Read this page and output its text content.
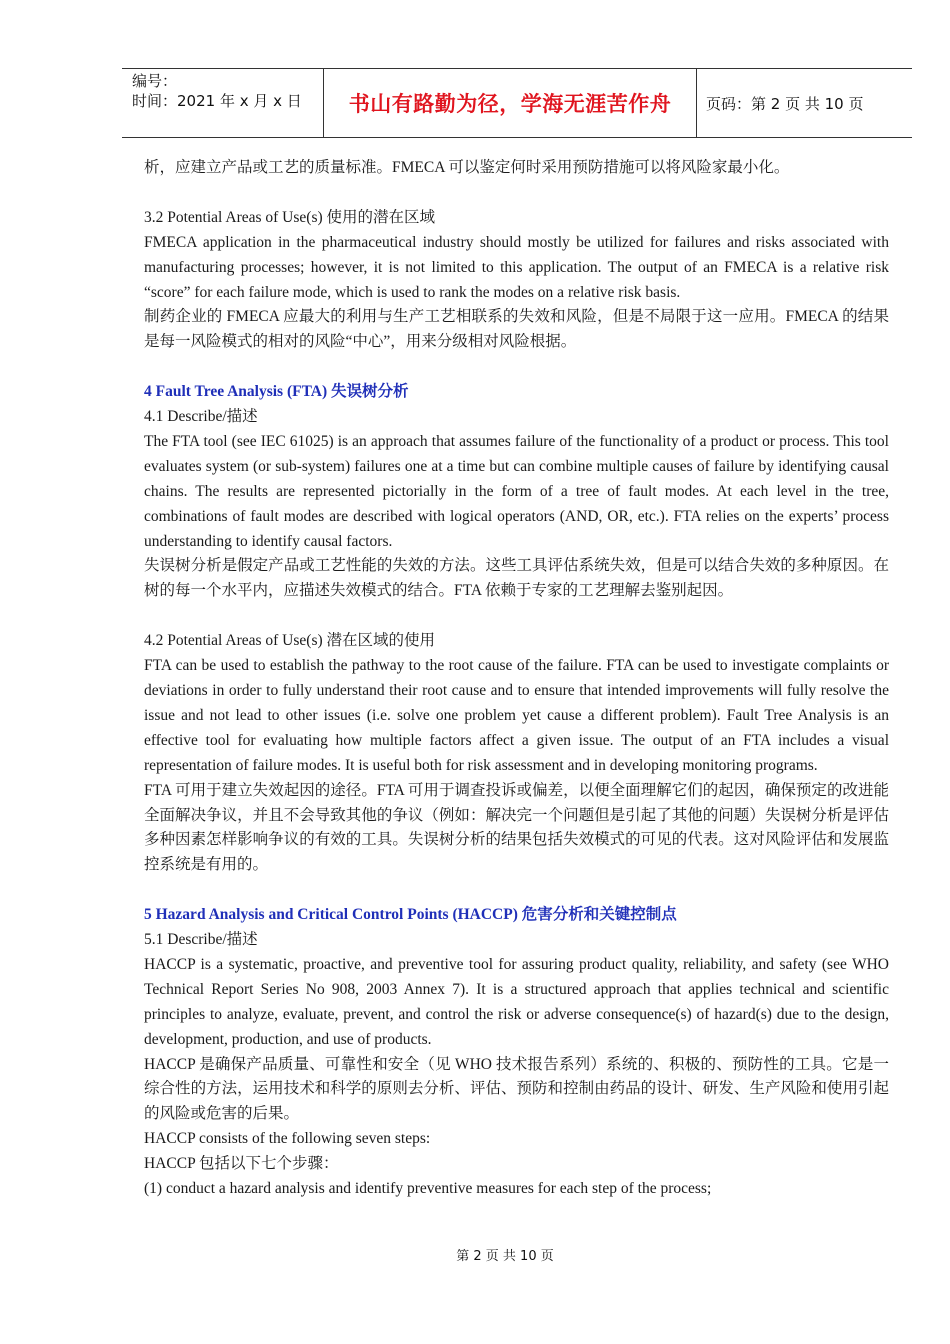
编号：
时间：2021 年 x 月 x 日	书山有路勤为径，学海无涯苦作舟	页码：第 2 页 共 10 页

析，应建立产品或工艺的质量标准。FMECA 可以鉴定何时采用预防措施可以将风险家最小化。

3.2 Potential Areas of Use(s) 使用的潜在区域

FMECA application in the pharmaceutical industry should mostly be utilized for failures and risks associated with manufacturing processes; however, it is not limited to this application. The output of an FMECA is a relative risk “score” for each failure mode, which is used to rank the modes on a relative risk basis.

制药企业的 FMECA 应最大的利用与生产工艺相联系的失效和风险，但是不局限于这一应用。FMECA 的结果是每一风险模式的相对的风险“中心”，用来分级相对风险根据。

4 Fault Tree Analysis (FTA) 失误树分析

4.1 Describe/描述

The FTA tool (see IEC 61025) is an approach that assumes failure of the functionality of a product or process. This tool evaluates system (or sub-system) failures one at a time but can combine multiple causes of failure by identifying causal chains. The results are represented pictorially in the form of a tree of fault modes. At each level in the tree, combinations of fault modes are described with logical operators (AND, OR, etc.). FTA relies on the experts’ process understanding to identify causal factors.

失误树分析是假定产品或工艺性能的失效的方法。这些工具评估系统失效，但是可以结合失效的多种原因。在树的每一个水平内，应描述失效模式的结合。FTA 依赖于专家的工艺理解去鉴别起因。

4.2 Potential Areas of Use(s) 潜在区域的使用

FTA can be used to establish the pathway to the root cause of the failure. FTA can be used to investigate complaints or deviations in order to fully understand their root cause and to ensure that intended improvements will fully resolve the issue and not lead to other issues (i.e. solve one problem yet cause a different problem). Fault Tree Analysis is an effective tool for evaluating how multiple factors affect a given issue. The output of an FTA includes a visual representation of failure modes. It is useful both for risk assessment and in developing monitoring programs.

FTA 可用于建立失效起因的途径。FTA 可用于调查投诉或偏差，以便全面理解它们的起因，确保预定的改进能全面解决争议，并且不会导致其他的争议（例如：解决完一个问题但是引起了其他的问题）失误树分析是评估多种因素怎样影响争议的有效的工具。失误树分析的结果包括失效模式的可见的代表。这对风险评估和发展监控系统是有用的。

5 Hazard Analysis and Critical Control Points (HACCP) 危害分析和关键控制点

5.1 Describe/描述

HACCP is a systematic, proactive, and preventive tool for assuring product quality, reliability, and safety (see WHO Technical Report Series No 908, 2003 Annex 7). It is a structured approach that applies technical and scientific principles to analyze, evaluate, prevent, and control the risk or adverse consequence(s) of hazard(s) due to the design, development, production, and use of products.

HACCP 是确保产品质量、可靠性和安全（见 WHO 技术报告系列）系统的、积极的、预防性的工具。它是一综合性的方法，运用技术和科学的原则去分析、评估、预防和控制由药品的设计、研发、生产风险和使用引起的风险或危害的后果。

HACCP consists of the following seven steps:

HACCP 包括以下七个步骤：

(1) conduct a hazard analysis and identify preventive measures for each step of the process;

第 2 页 共 10 页
